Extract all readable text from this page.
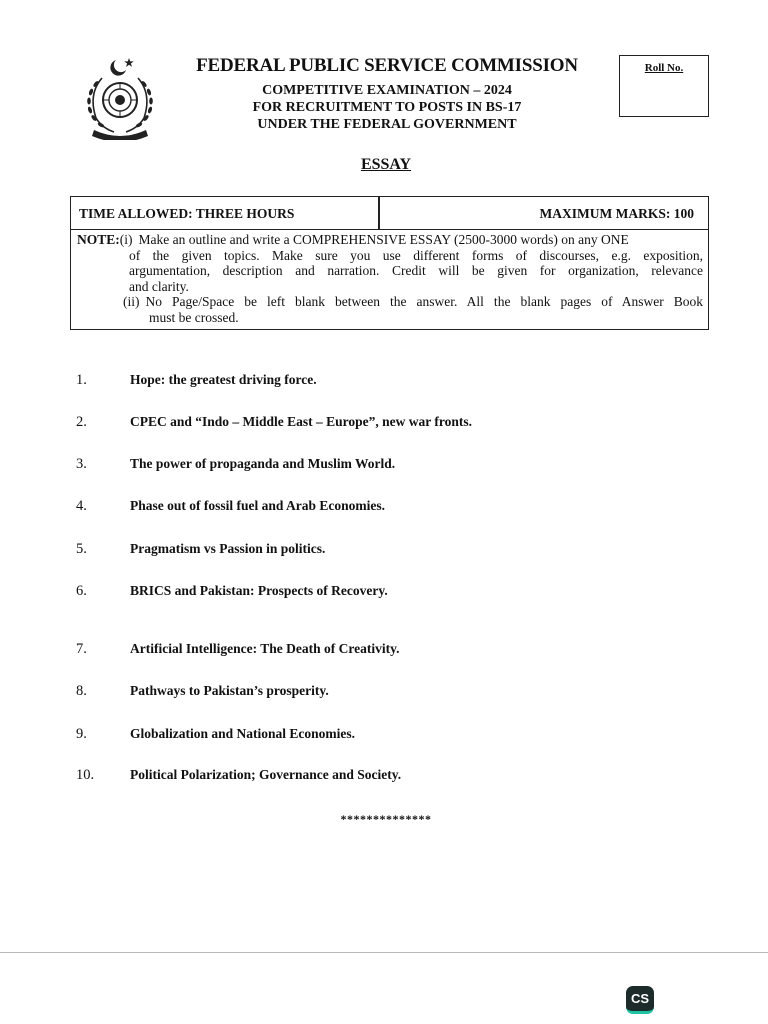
FEDERAL PUBLIC SERVICE COMMISSION
COMPETITIVE EXAMINATION – 2024
FOR RECRUITMENT TO POSTS IN BS-17
UNDER THE FEDERAL GOVERNMENT
Roll No.
ESSAY
TIME ALLOWED: THREE HOURS	MAXIMUM MARKS: 100
NOTE: (i) Make an outline and write a COMPREHENSIVE ESSAY (2500-3000 words) on any ONE
of the given topics. Make sure you use different forms of discourses, e.g. exposition,
argumentation, description and narration. Credit will be given for organization, relevance
and clarity.
(ii) No Page/Space be left blank between the answer. All the blank pages of Answer Book
must be crossed.
1.	Hope: the greatest driving force.
2.	CPEC and “Indo – Middle East – Europe”, new war fronts.
3.	The power of propaganda and Muslim World.
4.	Phase out of fossil fuel and Arab Economies.
5.	Pragmatism vs Passion in politics.
6.	BRICS and Pakistan: Prospects of Recovery.
7.	Artificial Intelligence: The Death of Creativity.
8.	Pathways to Pakistan’s prosperity.
9.	Globalization and National Economies.
10.	Political Polarization; Governance and Society.
**************
CS
